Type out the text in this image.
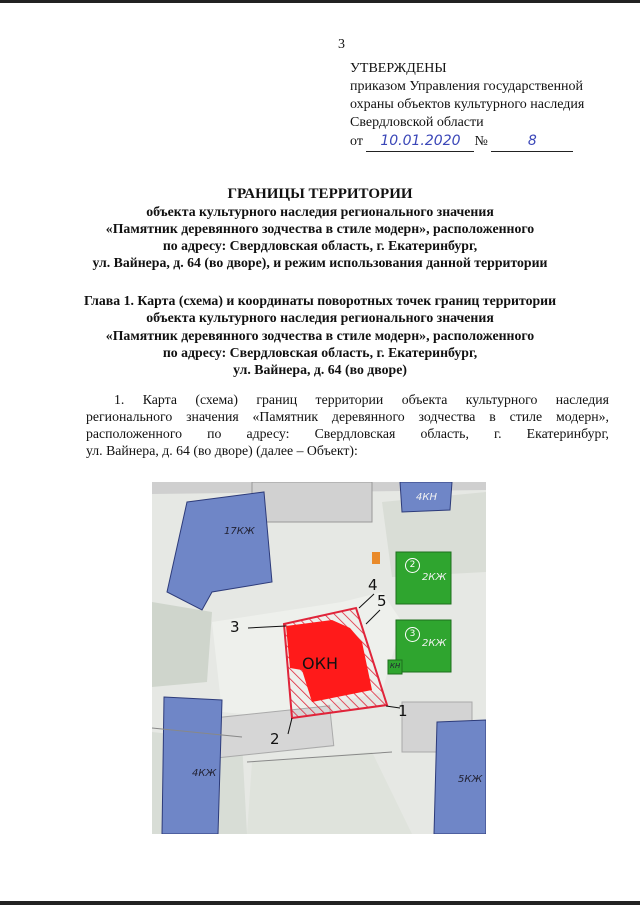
3
УТВЕРЖДЕНЫ
приказом Управления государственной
охраны объектов культурного наследия
Свердловской области
от 10.01.2020 №	8
ГРАНИЦЫ ТЕРРИТОРИИ
объекта культурного наследия регионального значения
«Памятник деревянного зодчества в стиле модерн», расположенного
по адресу: Свердловская область, г. Екатеринбург,
ул. Вайнера, д. 64 (во дворе), и режим использования данной территории
Глава 1. Карта (схема) и координаты поворотных точек границ территории
объекта культурного наследия регионального значения
«Памятник деревянного зодчества в стиле модерн», расположенного
по адресу: Свердловская область, г. Екатеринбург,
ул. Вайнера, д. 64 (во дворе)
1. Карта (схема) границ территории объекта культурного наследия
регионального значения «Памятник деревянного зодчества в стиле модерн»,
расположенного по адресу: Свердловская область, г. Екатеринбург,
ул. Вайнера, д. 64 (во дворе) (далее – Объект):
4КН
17КЖ
2КЖ
2КЖ
КН
4КЖ
5КЖ
2
3
ОКН
1
2
3
4
5
